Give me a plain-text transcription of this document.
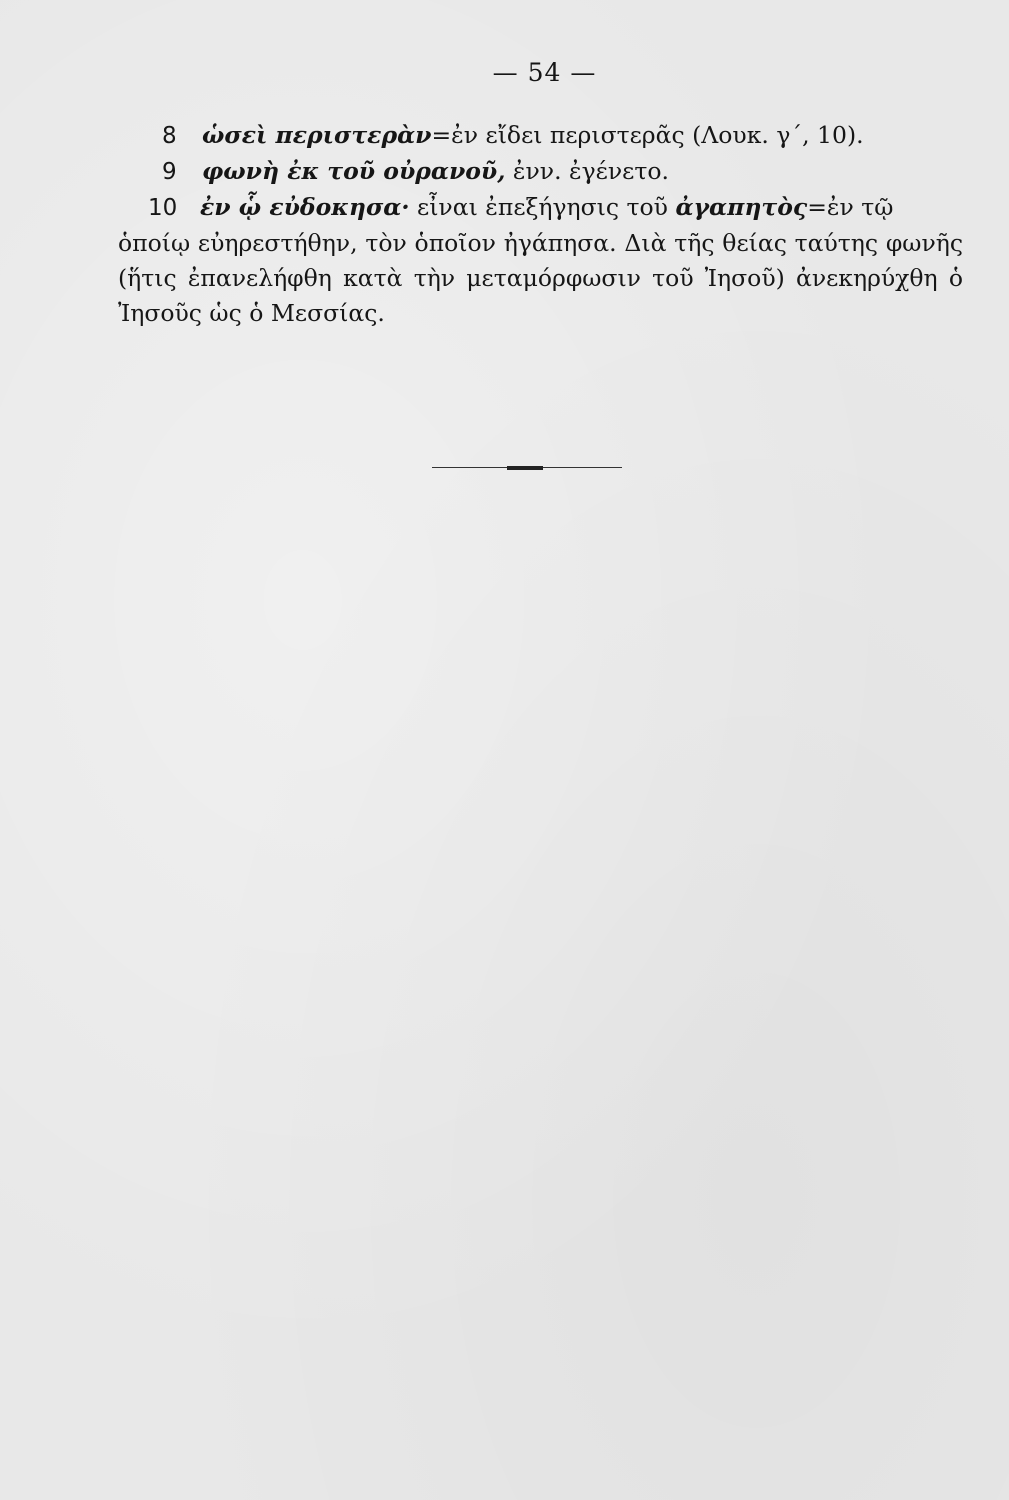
— 54 —
8 ὡσεὶ περιστερὰν=ἐν εἴδει περιστερᾶς (Λουκ. γ΄, 10).
9 φωνὴ ἐκ τοῦ οὐρανοῦ, ἐνν. ἐγένετο.
10 ἐν ᾧ εὐδοκησα· εἶναι ἐπεξήγησις τοῦ ἀγαπητὸς=ἐν τῷ
ὁποίῳ εὐηρεστήθην, τὸν ὁποῖον ἠγάπησα. Διὰ τῆς θείας ταύτης φωνῆς (ἥτις ἐπανελήφθη κατὰ τὴν μεταμόρφωσιν τοῦ Ἰησοῦ) ἀνεκηρύχθη ὁ Ἰησοῦς ὡς ὁ Μεσσίας.
